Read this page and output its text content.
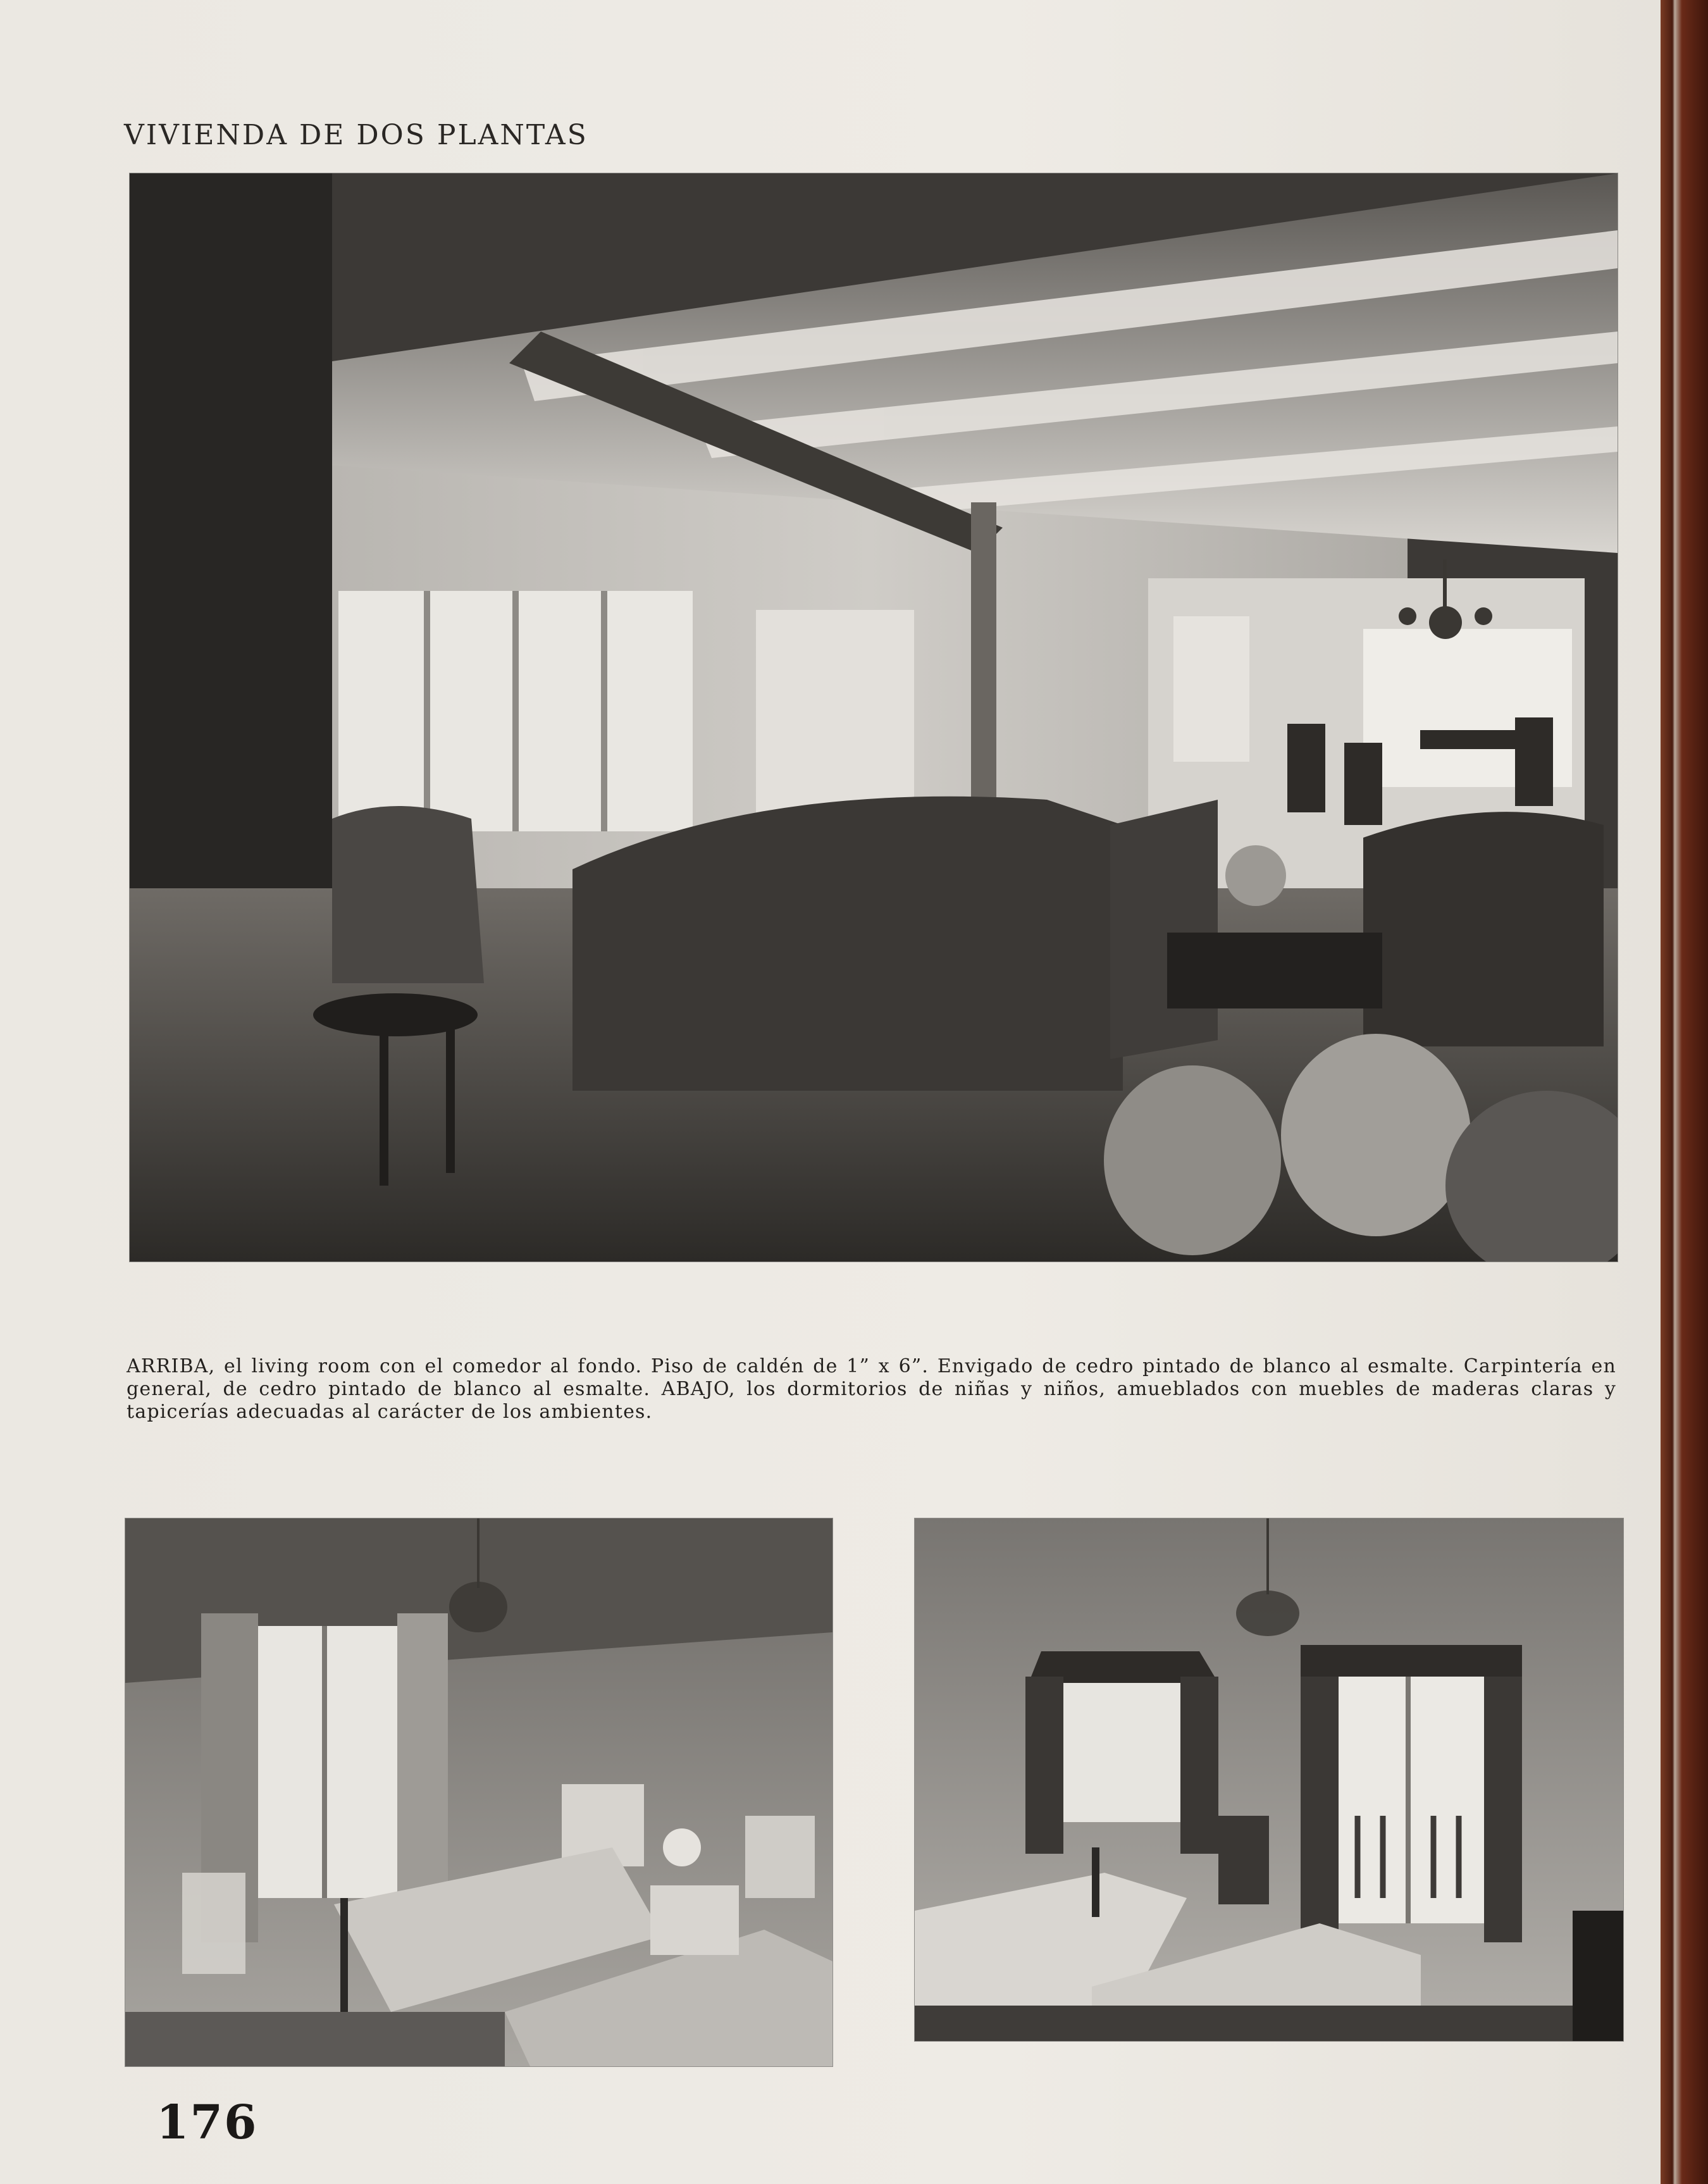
VIVIENDA DE DOS PLANTAS
ARRIBA, el living room con el comedor al fondo. Piso de caldén de 1” x 6”. Envigado de cedro pintado de blanco al esmalte. Carpintería en general, de cedro pintado de blanco al esmalte. ABAJO, los dormitorios de niñas y niños, amueblados con muebles de maderas claras y tapicerías adecuadas al carácter de los ambientes.
176
